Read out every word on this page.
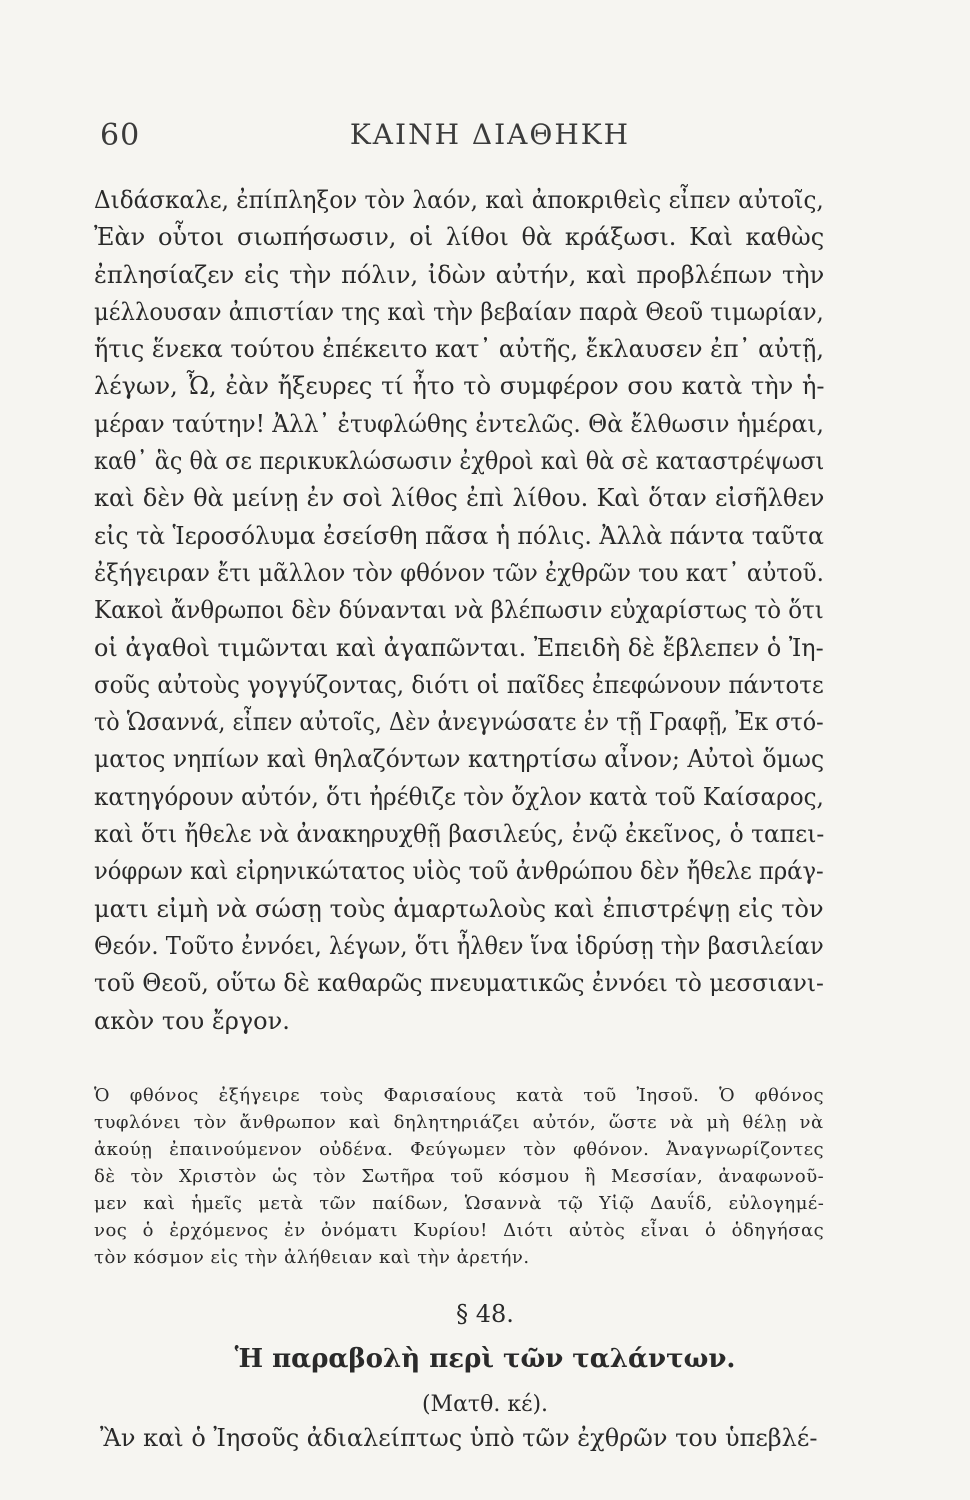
60	ΚΑΙΝΗ ΔΙΑΘΗΚΗ
Διδάσκαλε, ἐπίπληξον τὸν λαόν, καὶ ἀποκριθεὶς εἶπεν αὐτοῖς,
Ἐὰν οὗτοι σιωπήσωσιν, οἱ λίθοι θὰ κράξωσι. Καὶ καθὼς
ἐπλησίαζεν εἰς τὴν πόλιν, ἰδὼν αὐτήν, καὶ προβλέπων τὴν
μέλλουσαν ἀπιστίαν της καὶ τὴν βεβαίαν παρὰ Θεοῦ τιμωρίαν,
ἥτις ἕνεκα τούτου ἐπέκειτο κατ᾽ αὐτῆς, ἔκλαυσεν ἐπ᾽ αὐτῇ,
λέγων, Ὦ, ἐὰν ἤξευρες τί ἦτο τὸ συμφέρον σου κατὰ τὴν ἡ-
μέραν ταύτην! Ἀλλ᾽ ἐτυφλώθης ἐντελῶς. Θὰ ἔλθωσιν ἡμέραι,
καθ᾽ ἃς θὰ σε περικυκλώσωσιν ἐχθροὶ καὶ θὰ σὲ καταστρέψωσι
καὶ δὲν θὰ μείνῃ ἐν σοὶ λίθος ἐπὶ λίθου. Καὶ ὅταν εἰσῆλθεν
εἰς τὰ Ἱεροσόλυμα ἐσείσθη πᾶσα ἡ πόλις. Ἀλλὰ πάντα ταῦτα
ἐξήγειραν ἔτι μᾶλλον τὸν φθόνον τῶν ἐχθρῶν του κατ᾽ αὐτοῦ.
Κακοὶ ἄνθρωποι δὲν δύνανται νὰ βλέπωσιν εὐχαρίστως τὸ ὅτι
οἱ ἀγαθοὶ τιμῶνται καὶ ἀγαπῶνται. Ἐπειδὴ δὲ ἔβλεπεν ὁ Ἰη-
σοῦς αὐτοὺς γογγύζοντας, διότι οἱ παῖδες ἐπεφώνουν πάντοτε
τὸ Ὡσαννά, εἶπεν αὐτοῖς, Δὲν ἀνεγνώσατε ἐν τῇ Γραφῇ, Ἐκ στό-
ματος νηπίων καὶ θηλαζόντων κατηρτίσω αἶνον; Αὐτοὶ ὅμως
κατηγόρουν αὐτόν, ὅτι ἠρέθιζε τὸν ὄχλον κατὰ τοῦ Καίσαρος,
καὶ ὅτι ἤθελε νὰ ἀνακηρυχθῇ βασιλεύς, ἐνῷ ἐκεῖνος, ὁ ταπει-
νόφρων καὶ εἰρηνικώτατος υἱὸς τοῦ ἀνθρώπου δὲν ἤθελε πράγ-
ματι εἰμὴ νὰ σώσῃ τοὺς ἁμαρτωλοὺς καὶ ἐπιστρέψῃ εἰς τὸν
Θεόν. Τοῦτο ἐννόει, λέγων, ὅτι ἦλθεν ἵνα ἱδρύσῃ τὴν βασιλείαν
τοῦ Θεοῦ, οὕτω δὲ καθαρῶς πνευματικῶς ἐννόει τὸ μεσσιανι-
ακὸν του ἔργον.
Ὁ φθόνος ἐξήγειρε τοὺς Φαρισαίους κατὰ τοῦ Ἰησοῦ. Ὁ φθόνος
τυφλόνει τὸν ἄνθρωπον καὶ δηλητηριάζει αὐτόν, ὥστε νὰ μὴ θέλῃ νὰ
ἀκούῃ ἐπαινούμενον οὐδένα. Φεύγωμεν τὸν φθόνον. Ἀναγνωρίζοντες
δὲ τὸν Χριστὸν ὡς τὸν Σωτῆρα τοῦ κόσμου ἢ Μεσσίαν, ἀναφωνοῦ-
μεν καὶ ἡμεῖς μετὰ τῶν παίδων, Ὡσαννὰ τῷ Υἱῷ Δαυΐδ, εὐλογημέ-
νος ὁ ἐρχόμενος ἐν ὀνόματι Κυρίου! Διότι αὐτὸς εἶναι ὁ ὁδηγήσας
τὸν κόσμον εἰς τὴν ἀλήθειαν καὶ τὴν ἀρετήν.
§ 48.
Ἡ παραβολὴ περὶ τῶν ταλάντων.
(Ματθ. κέ).
Ἂν καὶ ὁ Ἰησοῦς ἀδιαλείπτως ὑπὸ τῶν ἐχθρῶν του ὑπεβλέ-
